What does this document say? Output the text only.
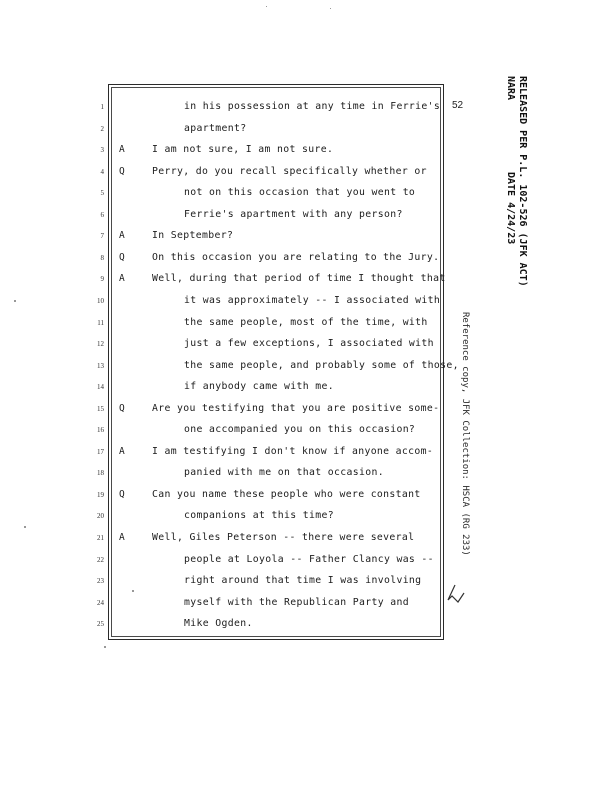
1	in his possession at any time in Ferrie's
2	apartment?
3 A	I am not sure, I am not sure.
4 Q	Perry, do you recall specifically whether or
5	not on this occasion that you went to
6	Ferrie's apartment with any person?
7 A	In September?
8 Q	On this occasion you are relating to the Jury.
9 A	Well, during that period of time I thought that
10	it was approximately -- I associated with
11	the same people, most of the time, with
12	just a few exceptions, I associated with
13	the same people, and probably some of those,
14	if anybody came with me.
15 Q	Are you testifying that you are positive some-
16	one accompanied you on this occasion?
17 A	I am testifying I don't know if anyone accom-
18	panied with me on that occasion.
19 Q	Can you name these people who were constant
20	companions at this time?
21 A	Well, Giles Peterson -- there were several
22	people at Loyola -- Father Clancy was --
23	right around that time I was involving
24	myself with the Republican Party and
25	Mike Ogden.
52	RELEASED PER P.L. 102-526 (JFK ACT)
NARA
DATE 4/24/23
Reference copy, JFK Collection: HSCA (RG 233)
